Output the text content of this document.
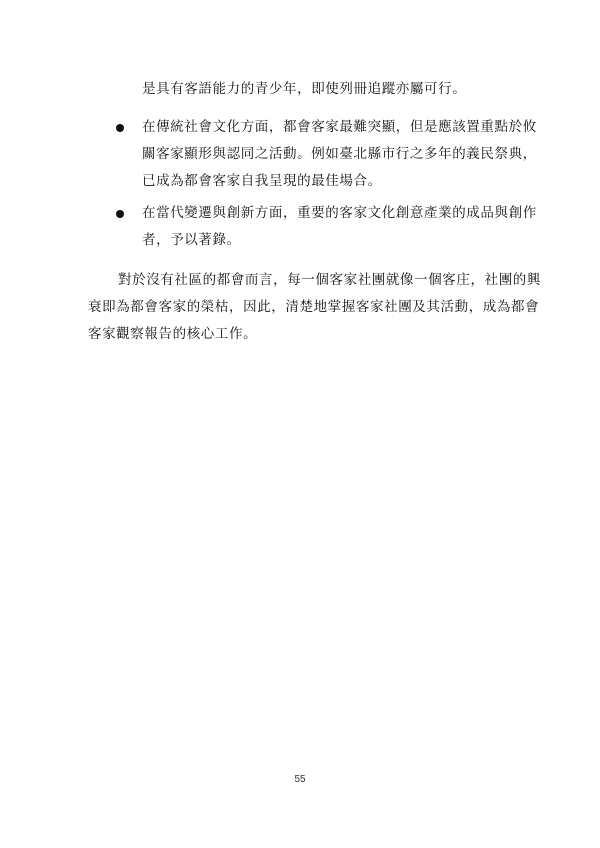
是具有客語能力的青少年，即使列冊追蹤亦屬可行。
在傳統社會文化方面，都會客家最難突顯，但是應該置重點於攸
關客家顯形與認同之活動。例如臺北縣市行之多年的義民祭典，
已成為都會客家自我呈現的最佳場合。
在當代變遷與創新方面，重要的客家文化創意產業的成品與創作
者，予以著錄。
對於沒有社區的都會而言，每一個客家社團就像一個客庄，社團的興
衰即為都會客家的榮枯，因此，清楚地掌握客家社團及其活動，成為都會
客家觀察報告的核心工作。
55
